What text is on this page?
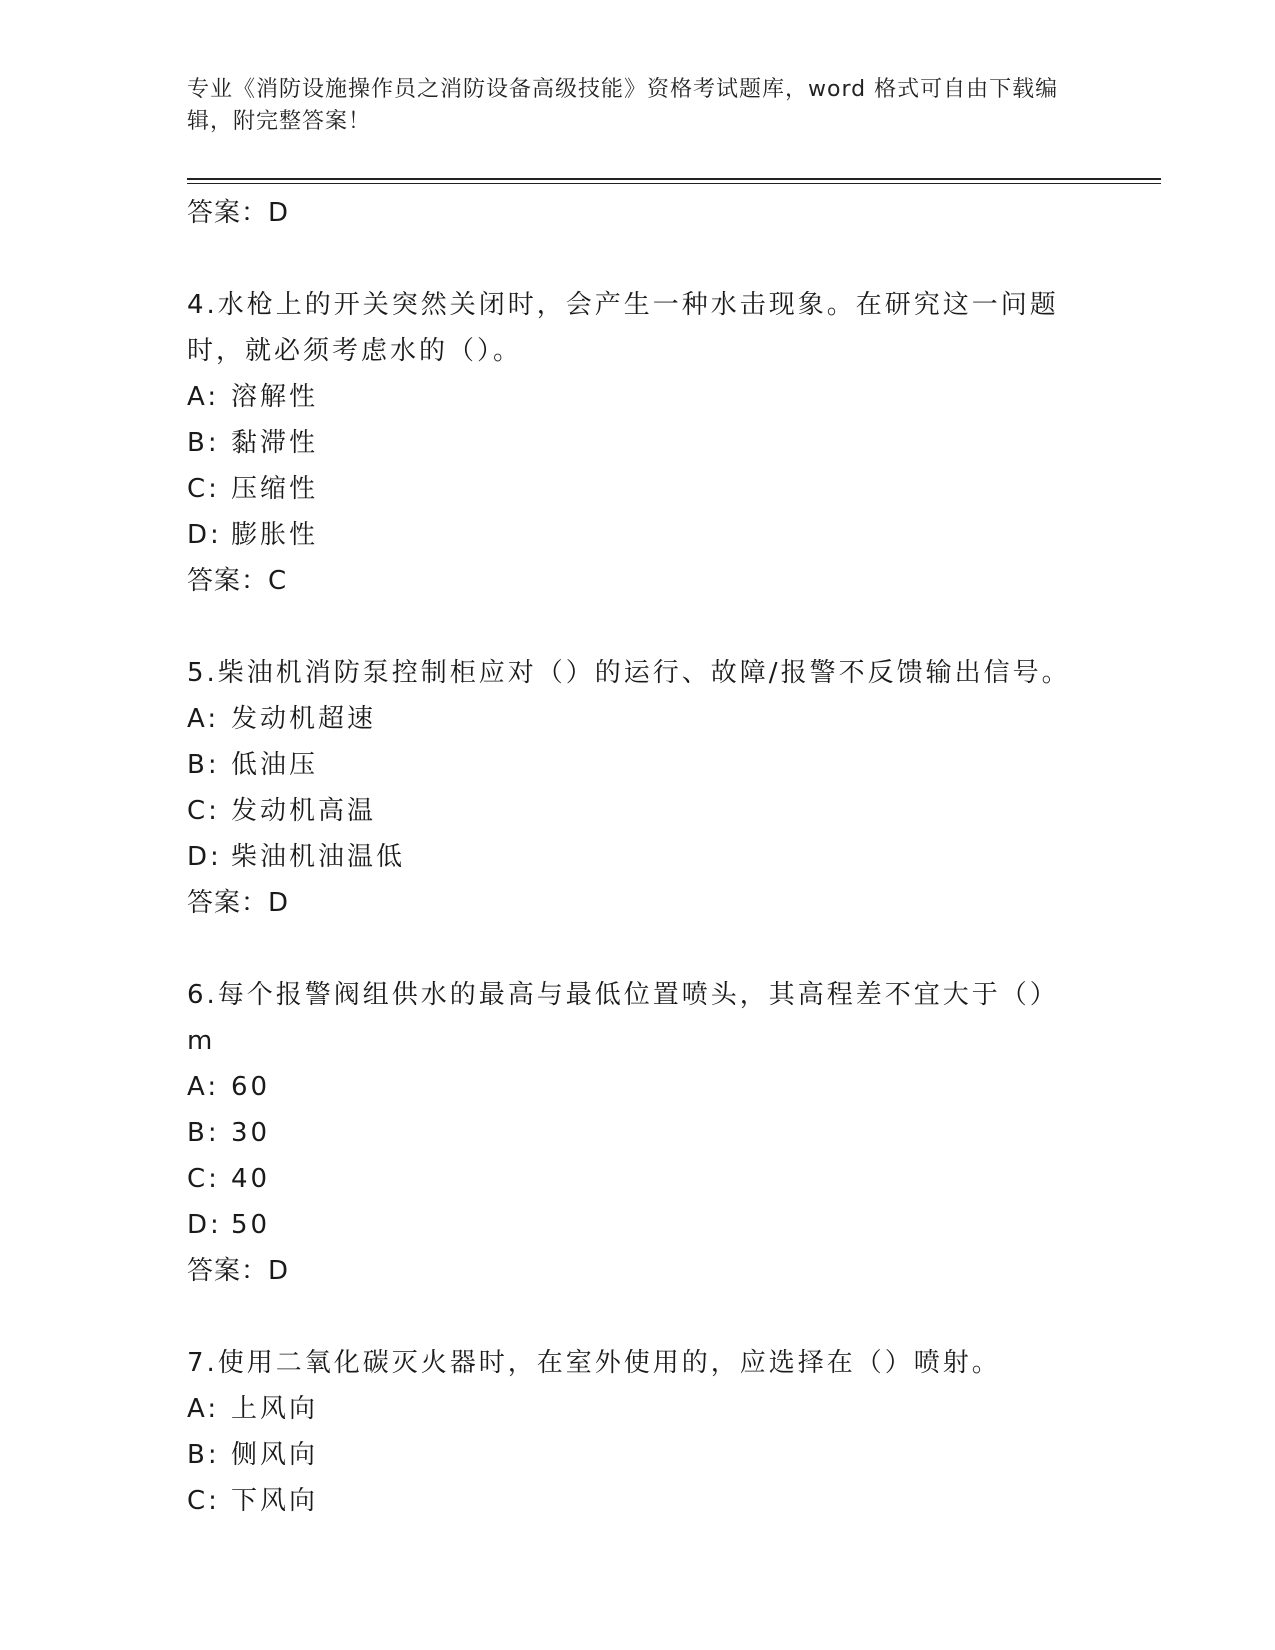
专业《消防设施操作员之消防设备高级技能》资格考试题库，word 格式可自由下载编辑，附完整答案！

答案：D

4.水枪上的开关突然关闭时，会产生一种水击现象。在研究这一问题时，就必须考虑水的（）。

A: 溶解性
B: 黏滞性
C: 压缩性
D: 膨胀性

答案：C

5.柴油机消防泵控制柜应对（）的运行、故障/报警不反馈输出信号。

A: 发动机超速
B: 低油压
C: 发动机高温
D: 柴油机油温低

答案：D

6.每个报警阀组供水的最高与最低位置喷头，其高程差不宜大于（）m

A: 60
B: 30
C: 40
D: 50

答案：D

7.使用二氧化碳灭火器时，在室外使用的，应选择在（）喷射。

A: 上风向
B: 侧风向
C: 下风向
